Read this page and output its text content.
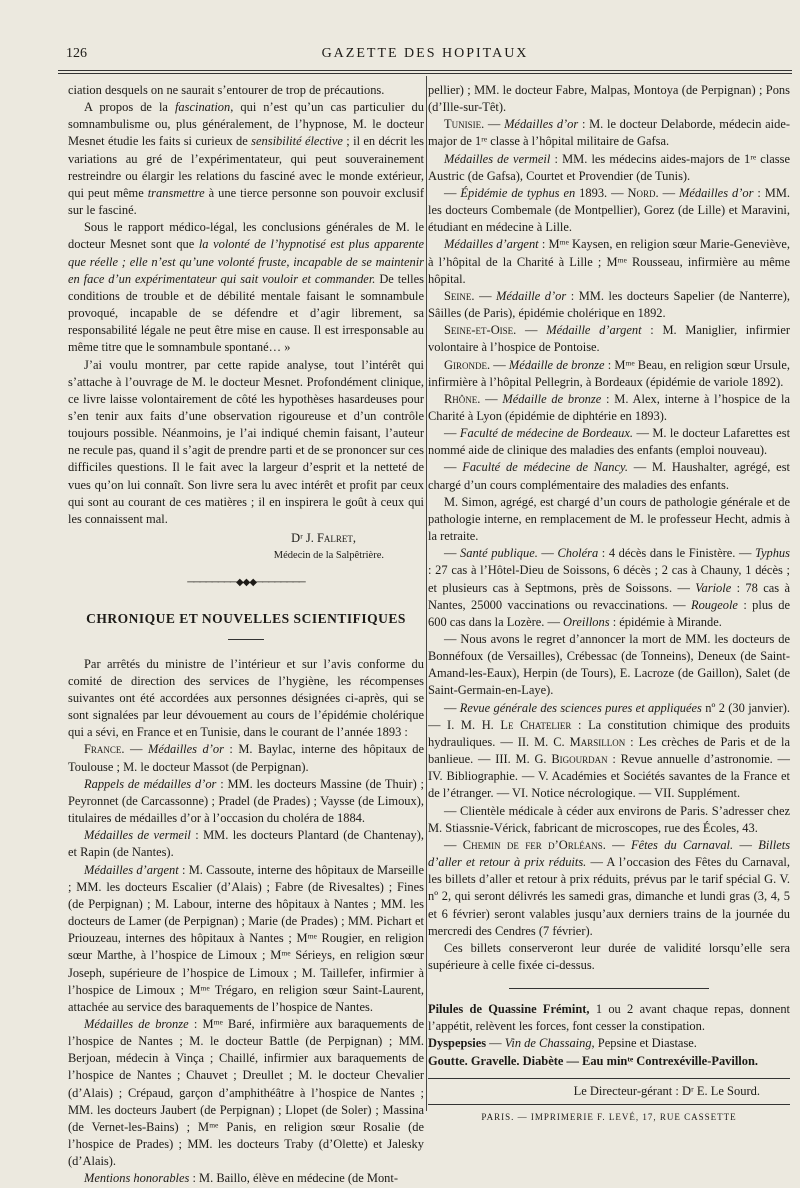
126	GAZETTE DES HOPITAUX

ciation desquels on ne saurait s’entourer de trop de précautions.

A propos de la fascination, qui n’est qu’un cas particulier du somnambulisme ou, plus généralement, de l’hypnose, M. le docteur Mesnet étudie les faits si curieux de sensibilité élective ; il en décrit les variations au gré de l’expérimentateur, qui peut souverainement restreindre ou élargir les relations du fasciné avec le monde extérieur, qui peut même transmettre à une tierce personne son pouvoir exclusif sur le fasciné.

Sous le rapport médico-légal, les conclusions générales de M. le docteur Mesnet sont que la volonté de l’hypnotisé est plus apparente que réelle ; elle n’est qu’une volonté fruste, incapable de se maintenir en face d’un expérimentateur qui sait vouloir et commander. De telles conditions de trouble et de débilité mentale faisant le somnambule provoqué, incapable de se défendre et d’agir librement, sa responsabilité légale ne peut être mise en cause. Il est irresponsable au même titre que le somnambule spontané… »

J’ai voulu montrer, par cette rapide analyse, tout l’intérêt qui s’attache à l’ouvrage de M. le docteur Mesnet. Profondément clinique, ce livre laisse volontairement de côté les hypothèses hasardeuses pour s’en tenir aux faits d’une observation rigoureuse et d’un contrôle toujours possible. Néanmoins, je l’ai indiqué chemin faisant, l’auteur ne recule pas, quand il s’agit de prendre parti et de se prononcer sur ces difficiles questions. Il le fait avec la largeur d’esprit et la netteté de vues qu’on lui connaît. Son livre sera lu avec intérêt et profit par ceux qui sont au courant de ces matières ; il en inspirera le goût à ceux qui les connaissent mal.

Dʳ J. Falret,
Médecin de la Salpêtrière.
────────◆◆◆────────
CHRONIQUE ET NOUVELLES SCIENTIFIQUES

Par arrêtés du ministre de l’intérieur et sur l’avis conforme du comité de direction des services de l’hygiène, les récompenses suivantes ont été accordées aux personnes désignées ci-après, qui se sont signalées par leur dévouement au cours de l’épidémie cholérique qui a sévi, en France et en Tunisie, dans le courant de l’année 1893 :

France. — Médailles d’or : M. Baylac, interne des hôpitaux de Toulouse ; M. le docteur Massot (de Perpignan).

Rappels de médailles d’or : MM. les docteurs Massine (de Thuir) ; Peyronnet (de Carcassonne) ; Pradel (de Prades) ; Vaysse (de Limoux), titulaires de médailles d’or à l’occasion du choléra de 1884.

Médailles de vermeil : MM. les docteurs Plantard (de Chantenay), et Rapin (de Nantes).

Médailles d’argent : M. Cassoute, interne des hôpitaux de Marseille ; MM. les docteurs Escalier (d’Alais) ; Fabre (de Rivesaltes) ; Fines (de Perpignan) ; M. Labour, interne des hôpitaux à Nantes ; MM. les docteurs de Lamer (de Perpignan) ; Marie (de Prades) ; MM. Pichart et Priouzeau, internes des hôpitaux à Nantes ; Mᵐᵉ Rougier, en religion sœur Marthe, à l’hospice de Limoux ; Mᵐᵉ Sérieys, en religion sœur Joseph, supérieure de l’hospice de Limoux ; M. Taillefer, infirmier à l’hospice de Limoux ; Mᵐᵉ Trégaro, en religion sœur Saint-Laurent, attachée au service des baraquements de l’hospice de Nantes.

Médailles de bronze : Mᵐᵉ Baré, infirmière aux baraquements de l’hospice de Nantes ; M. le docteur Battle (de Perpignan) ; MM. Berjoan, médecin à Vinça ; Chaillé, infirmier aux baraquements de l’hospice de Nantes ; Chauvet ; Dreullet ; M. le docteur Chevalier (d’Alais) ; Crépaud, garçon d’amphithéâtre à l’hospice de Nantes ; MM. les docteurs Jaubert (de Perpignan) ; Llopet (de Soler) ; Massina (de Vernet-les-Bains) ; Mᵐᵉ Panis, en religion sœur Rosalie (de l’hospice de Prades) ; MM. les docteurs Traby (d’Olette) et Jalesky (d’Alais).

Mentions honorables : M. Baillo, élève en médecine (de Mont-

pellier) ; MM. le docteur Fabre, Malpas, Montoya (de Perpignan) ; Pons (d’Ille-sur-Têt).

Tunisie. — Médailles d’or : M. le docteur Delaborde, médecin aide-major de 1ʳᵉ classe à l’hôpital militaire de Gafsa.

Médailles de vermeil : MM. les médecins aides-majors de 1ʳᵉ classe Austric (de Gafsa), Courtet et Provendier (de Tunis).

— Épidémie de typhus en 1893. — Nord. — Médailles d’or : MM. les docteurs Combemale (de Montpellier), Gorez (de Lille) et Maravini, étudiant en médecine à Lille.

Médailles d’argent : Mᵐᵉ Kaysen, en religion sœur Marie-Geneviève, à l’hôpital de la Charité à Lille ; Mᵐᵉ Rousseau, infirmière au même hôpital.

Seine. — Médaille d’or : MM. les docteurs Sapelier (de Nanterre), Sâilles (de Paris), épidémie cholérique en 1892.

Seine-et-Oise. — Médaille d’argent : M. Maniglier, infirmier volontaire à l’hospice de Pontoise.

Gironde. — Médaille de bronze : Mᵐᵉ Beau, en religion sœur Ursule, infirmière à l’hôpital Pellegrin, à Bordeaux (épidémie de variole 1892).

Rhône. — Médaille de bronze : M. Alex, interne à l’hospice de la Charité à Lyon (épidémie de diphtérie en 1893).

— Faculté de médecine de Bordeaux. — M. le docteur Lafarettes est nommé aide de clinique des maladies des enfants (emploi nouveau).

— Faculté de médecine de Nancy. — M. Haushalter, agrégé, est chargé d’un cours complémentaire des maladies des enfants.

M. Simon, agrégé, est chargé d’un cours de pathologie générale et de pathologie interne, en remplacement de M. le professeur Hecht, admis à la retraite.

— Santé publique. — Choléra : 4 décès dans le Finistère. — Typhus : 27 cas à l’Hôtel-Dieu de Soissons, 6 décès ; 2 cas à Chauny, 1 décès ; et plusieurs cas à Septmons, près de Soissons. — Variole : 78 cas à Nantes, 25000 vaccinations ou revaccinations. — Rougeole : plus de 600 cas dans la Lozère. — Oreillons : épidémie à Mirande.

— Nous avons le regret d’annoncer la mort de MM. les docteurs de Bonnéfoux (de Versailles), Crébessac (de Tonneins), Deneux (de Saint-Amand-les-Eaux), Herpin (de Tours), E. Lacroze (de Gaillon), Salet (de Saint-Germain-en-Laye).

— Revue générale des sciences pures et appliquées nº 2 (30 janvier). — I. M. H. Le Chatelier : La constitution chimique des produits hydrauliques. — II. M. C. Marsillon : Les crèches de Paris et de la banlieue. — III. M. G. Bigourdan : Revue annuelle d’astronomie. — IV. Bibliographie. — V. Académies et Sociétés savantes de la France et de l’étranger. — VI. Notice nécrologique. — VII. Supplément.

— Clientèle médicale à céder aux environs de Paris. S’adresser chez M. Stiassnie-Vérick, fabricant de microscopes, rue des Écoles, 43.

— Chemin de fer d’Orléans. — Fêtes du Carnaval. — Billets d’aller et retour à prix réduits. — A l’occasion des Fêtes du Carnaval, les billets d’aller et retour à prix réduits, prévus par le tarif spécial G. V. nº 2, qui seront délivrés les samedi gras, dimanche et lundi gras (3, 4, 5 et 6 février) seront valables jusqu’aux derniers trains de la journée du mercredi des Cendres (7 février).

Ces billets conserveront leur durée de validité lorsqu’elle sera supérieure à celle fixée ci-dessus.

Pilules de Quassine Frémint, 1 ou 2 avant chaque repas, donnent l’appétit, relèvent les forces, font cesser la constipation.

Dyspepsies — Vin de Chassaing, Pepsine et Diastase.

Goutte. Gravelle. Diabète — Eau minᵗᵉ Contrexéville-Pavillon.

Le Directeur-gérant : Dʳ E. Le Sourd.
PARIS. — IMPRIMERIE F. LEVÉ, 17, RUE CASSETTE
